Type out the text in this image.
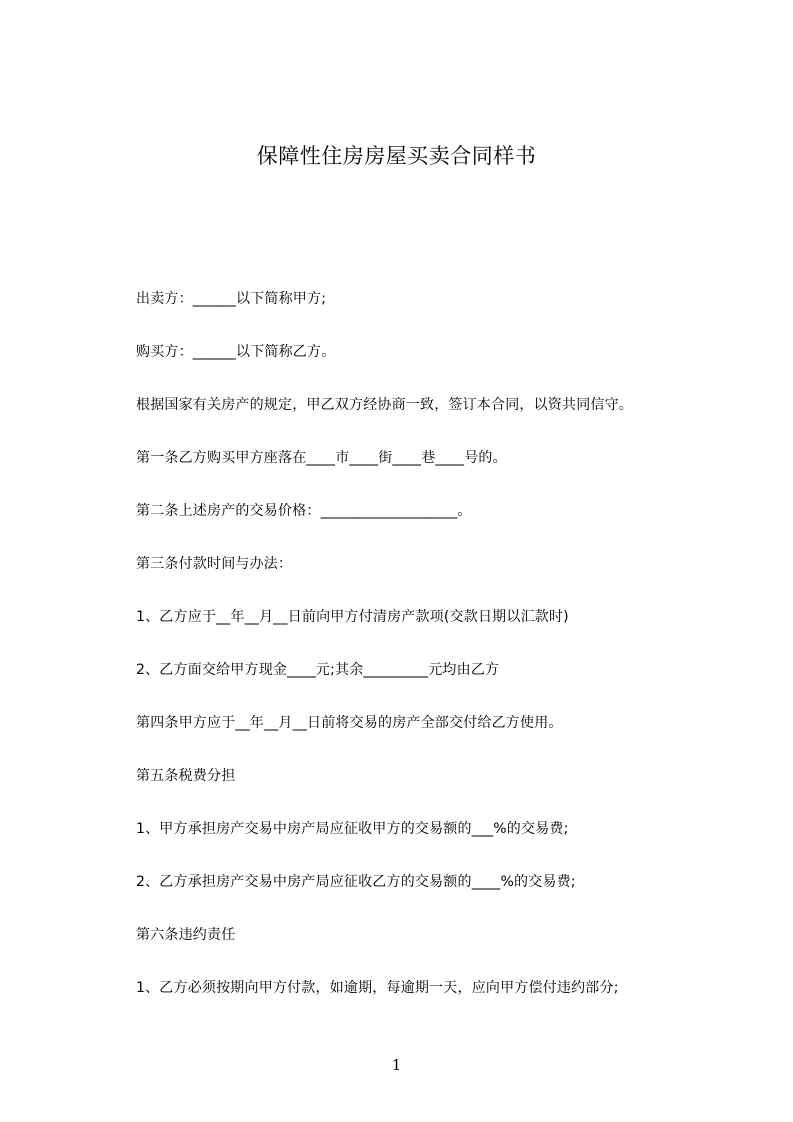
保障性住房房屋买卖合同样书

出卖方：______以下简称甲方;

购买方：______以下简称乙方。

根据国家有关房产的规定，甲乙双方经协商一致，签订本合同，以资共同信守。

第一条乙方购买甲方座落在____市____街____巷____号的。

第二条上述房产的交易价格：___________________。

第三条付款时间与办法：

1、乙方应于__年__月__日前向甲方付清房产款项(交款日期以汇款时)

2、乙方面交给甲方现金____元;其余_________元均由乙方

第四条甲方应于__年__月__日前将交易的房产全部交付给乙方使用。

第五条税费分担

1、甲方承担房产交易中房产局应征收甲方的交易额的___%的交易费;

2、乙方承担房产交易中房产局应征收乙方的交易额的____%的交易费;

第六条违约责任

1、乙方必须按期向甲方付款，如逾期，每逾期一天，应向甲方偿付违约部分;

1
